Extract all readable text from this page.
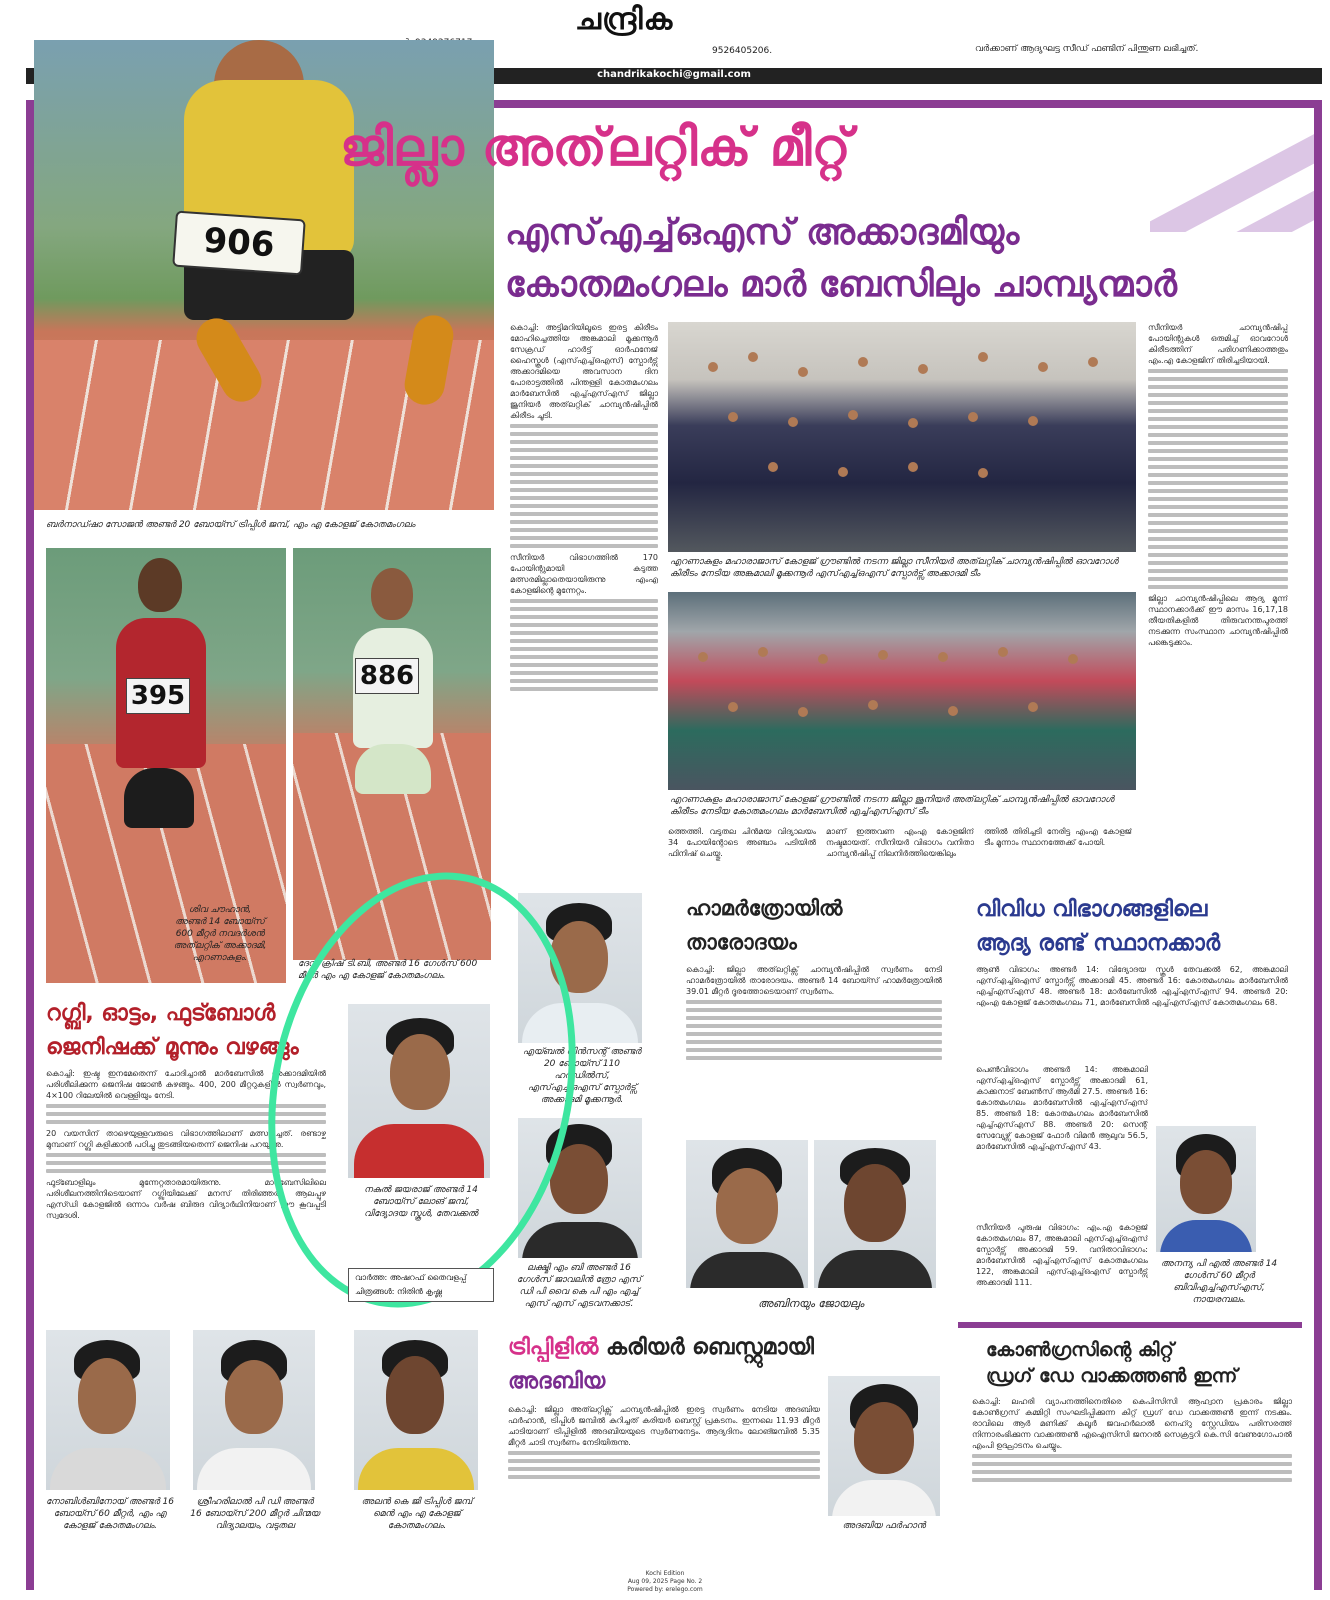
ചന്ദ്രിക
9526405206.	വർക്കാണ് ആദ്യഘട്ട സീഡ് ഫണ്ടിന് പിന്തുണ ലഭിച്ചത്.
chandrikakochi@gmail.com
906
ബർനാഡ്ഷാ സോജൻ അണ്ടർ 20 ബോയ്സ് ട്രിപ്പിൾ ജമ്പ്, എം എ കോളജ് കോതമംഗലം
ജില്ലാ അത്‌ലറ്റിക് മീറ്റ്
എസ്എച്ച്ഒഎസ് അക്കാദമിയും
കോതമംഗലം മാർ ബേസിലും ചാമ്പ്യന്മാർ
കൊച്ചി: അട്ടിമറിയിലൂടെ ഇരട്ട കിരീടം മോഹിച്ചെത്തിയ അങ്കമാലി മൂക്കന്നൂർ സേക്രഡ് ഹാർട്ട് ഓർഫനേജ് ഹൈസ്കൂൾ (എസ്എച്ച്ഒഎസ്) സ്പോർട്സ് അക്കാദമിയെ അവസാന ദിന പോരാട്ടത്തിൽ പിന്തള്ളി കോതമംഗലം മാർബേസിൽ എച്ച്എസ്എസ് ജില്ലാ ജൂനിയർ അത്‌ലറ്റിക് ചാമ്പ്യൻഷിപ്പിൽ കിരീടം ചൂടി.
സീനിയർ വിഭാഗത്തിൽ 170 പോയിന്റുമായി കടുത്ത മത്സരമില്ലാതെയായിരുന്നു എംഎ കോളജിന്റെ മുന്നേറ്റം.
എറണാകുളം മഹാരാജാസ് കോളജ് ഗ്രൗണ്ടിൽ നടന്ന ജില്ലാ സീനിയർ അത്‌ലറ്റിക് ചാമ്പ്യൻഷിപ്പിൽ ഓവറോൾ കിരീടം നേടിയ അങ്കമാലി മൂക്കന്നൂർ എസ്എച്ച്ഒഎസ് സ്പോർട്സ് അക്കാദമി ടീം
എറണാകുളം മഹാരാജാസ് കോളജ് ഗ്രൗണ്ടിൽ നടന്ന ജില്ലാ ജൂനിയർ അത്‌ലറ്റിക് ചാമ്പ്യൻഷിപ്പിൽ ഓവറോൾ കിരീടം നേടിയ കോതമംഗലം മാർബേസിൽ എച്ച്എസ്എസ് ടീം
ത്തെത്തി. വടുതല ചിൻമയ വിദ്യാലയം 34 പോയിന്റോടെ അഞ്ചാം പടിയിൽ ഫിനിഷ് ചെയ്തു.
മാണ് ഇത്തവണ എംഎ കോളജിന് നഷ്ടമായത്. സീനിയർ വിഭാഗം വനിതാ ചാമ്പ്യൻഷിപ്പ് നിലനിർത്തിയെങ്കിലും
ത്തിൽ തിരിച്ചടി നേരിട്ട എംഎ കോളജ് ടീം മൂന്നാം സ്ഥാനത്തേക്ക് പോയി.
സീനിയർ ചാമ്പ്യൻഷിപ്പ് പോയിന്റുകൾ ഒരുമിച്ച് ഓവറോൾ കിരീടത്തിന് പരിഗണിക്കാത്തതും എം.എ കോളജിന് തിരിച്ചടിയായി.
ജില്ലാ ചാമ്പ്യൻഷിപ്പിലെ ആദ്യ മൂന്ന് സ്ഥാനക്കാർക്ക് ഈ മാസം 16,17,18 തീയതികളിൽ തിരുവനന്തപുരത്ത് നടക്കുന്ന സംസ്ഥാന ചാമ്പ്യൻഷിപ്പിൽ പങ്കെടുക്കാം.
395
ശിവ ചൗഹാൻ,
അണ്ടർ 14 ബോയ്സ്
600 മീറ്റർ നവദർശൻ
അത്‌ലറ്റിക് അക്കാദമി,
എറണാകുളം.
886
ദേവി ക്രിഷ് ടി.ബി, അണ്ടർ 16 ഗേൾസ് 600 മീറ്റർ എം എ കോളജ് കോതമംഗലം.
റഗ്ബി, ഓട്ടം, ഫുട്ബോൾ
ജെനിഷക്ക് മൂന്നും വഴങ്ങും

കൊച്ചി: ഇഷ്ട ഇനമേതെന്ന് ചോദിച്ചാൽ മാർബേസിൽ അക്കാദമിയിൽ പരിശീലിക്കുന്ന ജെനിഷ ജോൺ കുഴങ്ങും. 400, 200 മീറ്ററുകളിൽ സ്വർണവും, 4×100 റിലേയിൽ വെള്ളിയും നേടി.

20 വയസിന് താഴെയുള്ളവരുടെ വിഭാഗത്തിലാണ് മത്സരിച്ചത്. രണ്ടാഴ്ച മുമ്പാണ് റഗ്ബി കളിക്കാൻ പഠിച്ചു തുടങ്ങിയതെന്ന് ജെനിഷ പറയുന്നു.

ഫുട്ബോളിലും മുന്നേറ്റതാരമായിരുന്നു. മാർബേസിലിലെ പരിശീലനത്തിനിടെയാണ് റഗ്ബിയിലേക്ക് മനസ് തിരിഞ്ഞത്. ആലപ്പുഴ എസ്ഡി കോളജിൽ ഒന്നാം വർഷ ബിരുദ വിദ്യാർഥിനിയാണ് ഈ കൂവപ്പടി സ്വദേശി.

നകുൽ ജയരാജ് അണ്ടർ 14 ബോയ്സ് ലോങ് ജമ്പ്, വിദ്യോദയ സ്കൂൾ, തേവക്കൽ
എയ്ബൽ വിൻസന്റ് അണ്ടർ 20 ബോയ്സ് 110 ഹർഡിൽസ്, എസ്എച്ച്ഒഎസ് സ്പോർട്സ് അക്കാദമി മൂക്കന്നൂർ.
ലക്ഷ്മി എം ബി അണ്ടർ 16 ഗേൾസ് ജാവലിൻ ത്രോ എസ് ഡി പി വൈ കെ പി എം എച്ച് എസ് എസ് എടവനക്കാട്.
വാർത്ത: അഷറഫ് തൈവളപ്പ്
ചിത്രങ്ങൾ: നിതിൻ കൃഷ്ണ
ഹാമർത്രോയിൽ
താരോദയം
കൊച്ചി: ജില്ലാ അത്‌ലറ്റിക്സ് ചാമ്പ്യൻഷിപ്പിൽ സ്വർണം നേടി ഹാമർത്രോയിൽ താരോദയം. അണ്ടർ 14 ബോയ്സ് ഹാമർത്രോയിൽ 39.01 മീറ്റർ ദൂരത്തോടെയാണ് സ്വർണം.
അബിനയും ജോയലും
വിവിധ വിഭാഗങ്ങളിലെ
ആദ്യ രണ്ട് സ്ഥാനക്കാർ
ആൺ വിഭാഗം: അണ്ടർ 14: വിദ്യോദയ സ്കൂൾ തേവക്കൽ 62, അങ്കമാലി എസ്എച്ച്ഒഎസ് സ്പോർട്സ് അക്കാദമി 45. അണ്ടർ 16: കോതമംഗലം മാർബേസിൽ എച്ച്എസ്എസ് 48. അണ്ടർ 18: മാർബേസിൽ എച്ച്എസ്എസ് 94. അണ്ടർ 20: എംഎ കോളജ് കോതമംഗലം 71, മാർബേസിൽ എച്ച്എസ്എസ് കോതമംഗലം 68.
പെൺവിഭാഗം അണ്ടർ 14: അങ്കമാലി എസ്എച്ച്ഒഎസ് സ്പോർട്സ് അക്കാദമി 61, കാക്കനാട് ബേൺസ് ആർമി 27.5. അണ്ടർ 16: കോതമംഗലം മാർബേസിൽ എച്ച്എസ്എസ് 85. അണ്ടർ 18: കോതമംഗലം മാർബേസിൽ എച്ച്എസ്എസ് 88. അണ്ടർ 20: സെന്റ് സേവ്യേഴ്സ് കോളജ് ഫോർ വിമൻ ആലുവ 56.5, മാർബേസിൽ എച്ച്എസ്എസ് 43.
സീനിയർ പുരുഷ വിഭാഗം: എം.എ കോളജ് കോതമംഗലം 87, അങ്കമാലി എസ്എച്ച്ഒഎസ് സ്പോർട്സ് അക്കാദമി 59. വനിതാവിഭാഗം: മാർബേസിൽ എച്ച്എസ്എസ് കോതമംഗലം 122, അങ്കമാലി എസ്എച്ച്ഒഎസ് സ്പോർട്സ് അക്കാദമി 111.
അനന്യ പി എൽ അണ്ടർ 14 ഗേൾസ് 60 മീറ്റർ ബിവിഎച്ച്എസ്എസ്, നായരമ്പലം.
നോബിൾബിനോയ് അണ്ടർ 16 ബോയ്സ് 60 മീറ്റർ, എം എ കോളജ് കോതമംഗലം.
ശ്രീഹരിലാൽ പി ഡി അണ്ടർ 16 ബോയ്സ് 200 മീറ്റർ ചിന്മയ വിദ്യാലയം, വടുതല
അലൻ കെ ജി ട്രിപ്പിൾ ജമ്പ് മെൻ എം എ കോളജ് കോതമംഗലം.
ട്രിപ്പിളിൽ കരിയർ ബെസ്റ്റുമായി
അദബിയ
കൊച്ചി: ജില്ലാ അത്‌ലറ്റിക്സ് ചാമ്പ്യൻഷിപ്പിൽ ഇരട്ട സ്വർണം നേടിയ അദബിയ ഫർഹാൻ, ട്രിപ്പിൾ ജമ്പിൽ കുറിച്ചത് കരിയർ ബെസ്റ്റ് പ്രകടനം. ഇന്നലെ 11.93 മീറ്റർ ചാടിയാണ് ട്രിപ്പിളിൽ അദബിയയുടെ സ്വർണനേട്ടം. ആദ്യദിനം ലോങ്ജമ്പിൽ 5.35 മീറ്റർ ചാടി സ്വർണം നേടിയിരുന്നു.
അദബിയ ഫർഹാൻ
കോൺഗ്രസിന്റെ കിറ്റ്
ഡ്രഗ് ഡേ വാക്കത്തൺ ഇന്ന്
കൊച്ചി: ലഹരി വ്യാപനത്തിനെതിരെ കെപിസിസി ആഹ്വാന പ്രകാരം ജില്ലാ കോൺഗ്രസ് കമ്മിറ്റി സംഘടിപ്പിക്കുന്ന കിറ്റ് ഡ്രഗ് ഡേ വാക്കത്തൺ ഇന്ന് നടക്കും. രാവിലെ ആർ മണിക്ക് കലൂർ ജവഹർലാൽ നെഹ്റു സ്റ്റേഡിയം പരിസരത്ത് നിന്നാരംഭിക്കുന്ന വാക്കത്തൺ എഐസിസി ജനറൽ സെക്രട്ടറി കെ.സി വേണുഗോപാൽ എംപി ഉദ്ഘാടനം ചെയ്യും.
Kochi Edition
Aug 09, 2025 Page No. 2
Powered by: erelego.com
